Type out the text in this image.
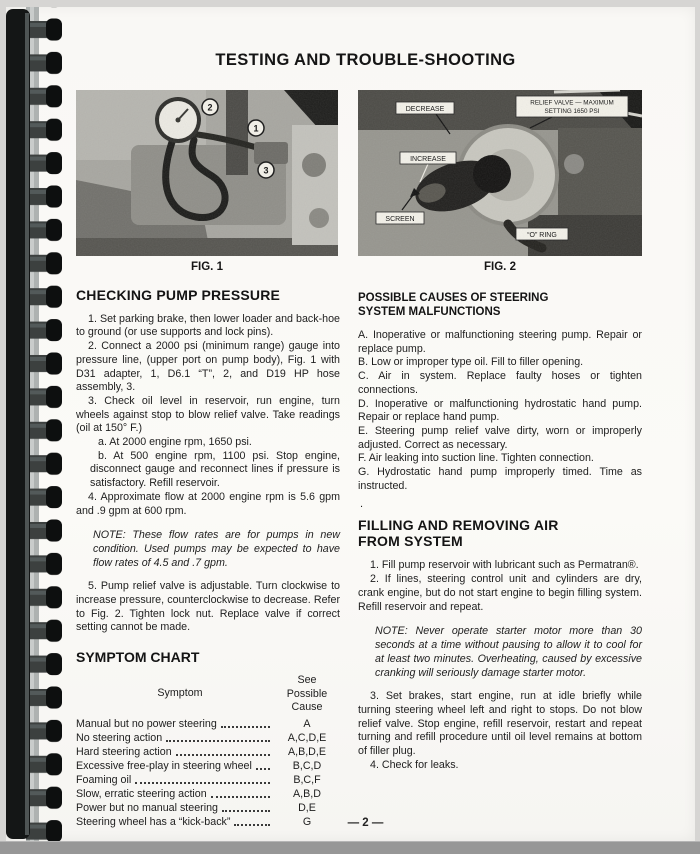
TESTING AND TROUBLE-SHOOTING
2
1
3
FIG. 1
DECREASE
RELIEF VALVE — MAXIMUM
SETTING 1650 PSI
INCREASE
SCREEN
“O” RING
FIG. 2
CHECKING PUMP PRESSURE

1. Set parking brake, then lower loader and back-hoe to ground (or use supports and lock pins).

2. Connect a 2000 psi (minimum range) gauge into pressure line, (upper port on pump body), Fig. 1 with D31 adapter, 1, D6.1 “T”, 2, and D19 HP hose assembly, 3.

3. Check oil level in reservoir, run engine, turn wheels against stop to blow relief valve. Take readings (oil at 150° F.)

a. At 2000 engine rpm, 1650 psi.

b. At 500 engine rpm, 1100 psi. Stop engine, disconnect gauge and reconnect lines if pressure is satisfactory. Refill reservoir.

4. Approximate flow at 2000 engine rpm is 5.6 gpm and .9 gpm at 600 rpm.

NOTE: These flow rates are for pumps in new condition. Used pumps may be expected to have flow rates of 4.5 and .7 gpm.

5. Pump relief valve is adjustable. Turn clockwise to increase pressure, counterclockwise to decrease. Refer to Fig. 2. Tighten lock nut. Replace valve if correct setting cannot be made.

SYMPTOM CHART
Symptom
See
Possible
Cause
Manual but no power steering	A
No steering action	A,C,D,E
Hard steering action	A,B,D,E
Excessive free-play in steering wheel	B,C,D
Foaming oil	B,C,F
Slow, erratic steering action	A,B,D
Power but no manual steering	D,E
Steering wheel has a “kick-back”	G
POSSIBLE CAUSES OF STEERING
SYSTEM MALFUNCTIONS

A. Inoperative or malfunctioning steering pump. Repair or replace pump.

B. Low or improper type oil. Fill to filler opening.

C. Air in system. Replace faulty hoses or tighten connections.

D. Inoperative or malfunctioning hydrostatic hand pump. Repair or replace hand pump.

E. Steering pump relief valve dirty, worn or improperly adjusted. Correct as necessary.

F. Air leaking into suction line. Tighten connection.

G. Hydrostatic hand pump improperly timed. Time as instructed.

.

FILLING AND REMOVING AIR
FROM SYSTEM

1. Fill pump reservoir with lubricant such as Permatran®.

2. If lines, steering control unit and cylinders are dry, crank engine, but do not start engine to begin filling system. Refill reservoir and repeat.

NOTE: Never operate starter motor more than 30 seconds at a time without pausing to allow it to cool for at least two minutes. Overheating, caused by excessive cranking will seriously damage starter motor.

3. Set brakes, start engine, run at idle briefly while turning steering wheel left and right to stops. Do not blow relief valve. Stop engine, refill reservoir, restart and repeat turning and refill procedure until oil level remains at bottom of filler plug.

4. Check for leaks.

— 2 —
